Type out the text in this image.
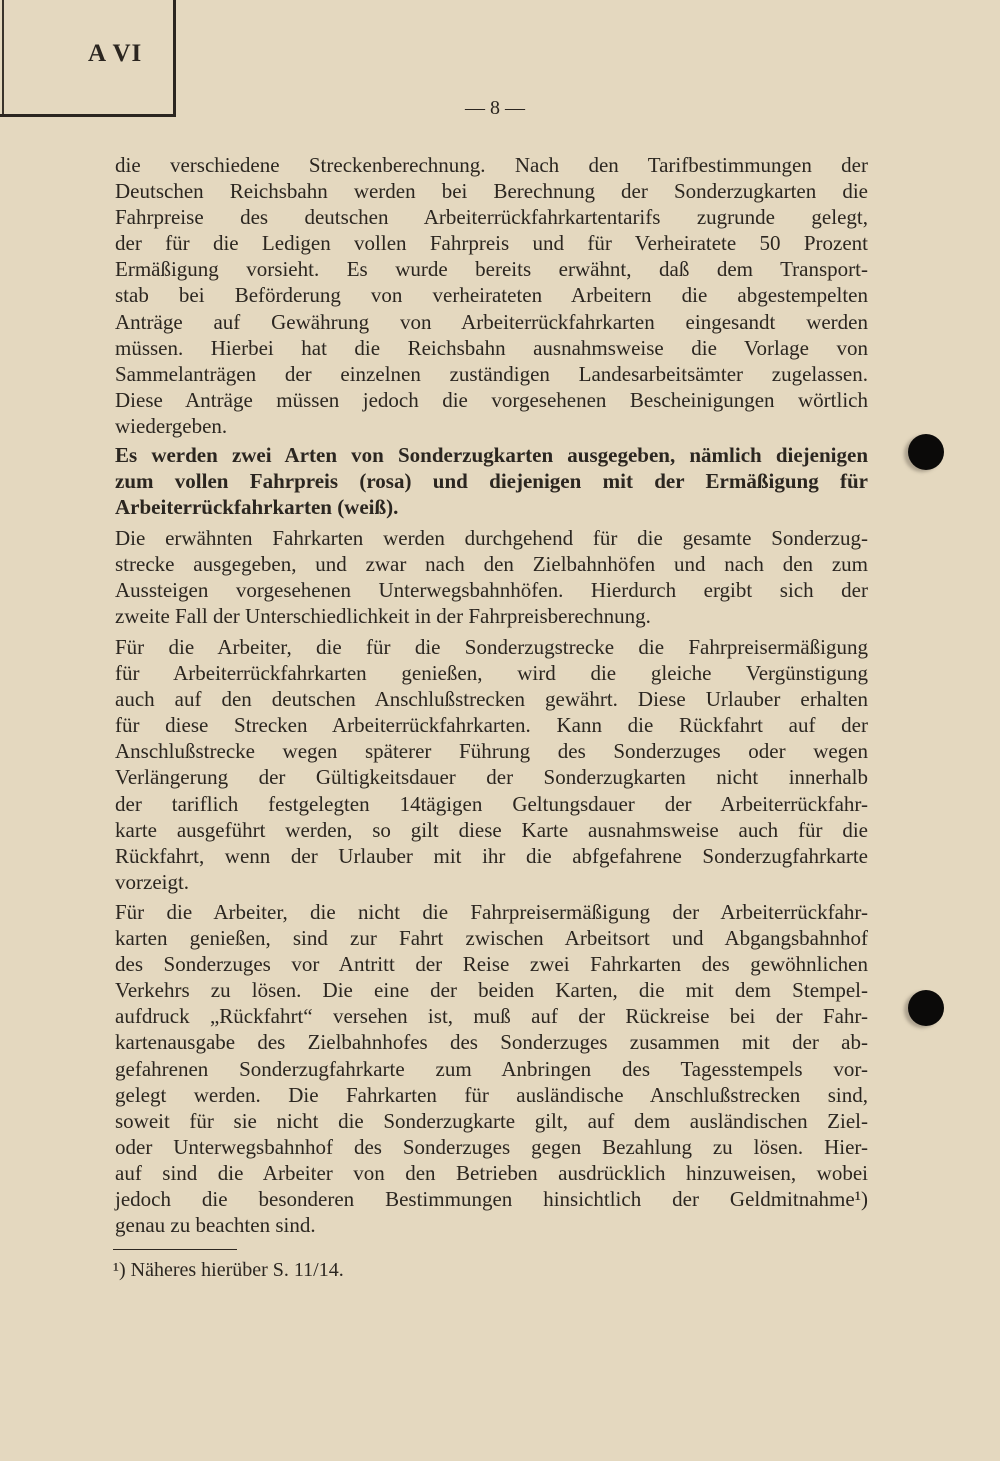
A VI
— 8 —
die verschiedene Streckenberechnung. Nach den Tarifbestimmungen der
Deutschen Reichsbahn werden bei Berechnung der Sonderzugkarten die
Fahrpreise des deutschen Arbeiterrückfahrkartentarifs zugrunde gelegt,
der für die Ledigen vollen Fahrpreis und für Verheiratete 50 Prozent
Ermäßigung vorsieht. Es wurde bereits erwähnt, daß dem Transport-
stab bei Beförderung von verheirateten Arbeitern die abgestempelten
Anträge auf Gewährung von Arbeiterrückfahrkarten eingesandt werden
müssen. Hierbei hat die Reichsbahn ausnahmsweise die Vorlage von
Sammelanträgen der einzelnen zuständigen Landesarbeitsämter zugelassen.
Diese Anträge müssen jedoch die vorgesehenen Bescheinigungen wörtlich
wiedergeben.
Es werden zwei Arten von Sonderzugkarten ausgegeben, nämlich diejenigen
zum vollen Fahrpreis (rosa) und diejenigen mit der Ermäßigung für
Arbeiterrückfahrkarten (weiß).
Die erwähnten Fahrkarten werden durchgehend für die gesamte Sonderzug-
strecke ausgegeben, und zwar nach den Zielbahnhöfen und nach den zum
Aussteigen vorgesehenen Unterwegsbahnhöfen. Hierdurch ergibt sich der
zweite Fall der Unterschiedlichkeit in der Fahrpreisberechnung.
Für die Arbeiter, die für die Sonderzugstrecke die Fahrpreisermäßigung
für Arbeiterrückfahrkarten genießen, wird die gleiche Vergünstigung
auch auf den deutschen Anschlußstrecken gewährt. Diese Urlauber erhalten
für diese Strecken Arbeiterrückfahrkarten. Kann die Rückfahrt auf der
Anschlußstrecke wegen späterer Führung des Sonderzuges oder wegen
Verlängerung der Gültigkeitsdauer der Sonderzugkarten nicht innerhalb
der tariflich festgelegten 14tägigen Geltungsdauer der Arbeiterrückfahr-
karte ausgeführt werden, so gilt diese Karte ausnahmsweise auch für die
Rückfahrt, wenn der Urlauber mit ihr die abfgefahrene Sonderzugfahrkarte
vorzeigt.
Für die Arbeiter, die nicht die Fahrpreisermäßigung der Arbeiterrückfahr-
karten genießen, sind zur Fahrt zwischen Arbeitsort und Abgangsbahnhof
des Sonderzuges vor Antritt der Reise zwei Fahrkarten des gewöhnlichen
Verkehrs zu lösen. Die eine der beiden Karten, die mit dem Stempel-
aufdruck „Rückfahrt“ versehen ist, muß auf der Rückreise bei der Fahr-
kartenausgabe des Zielbahnhofes des Sonderzuges zusammen mit der ab-
gefahrenen Sonderzugfahrkarte zum Anbringen des Tagesstempels vor-
gelegt werden. Die Fahrkarten für ausländische Anschlußstrecken sind,
soweit für sie nicht die Sonderzugkarte gilt, auf dem ausländischen Ziel-
oder Unterwegsbahnhof des Sonderzuges gegen Bezahlung zu lösen. Hier-
auf sind die Arbeiter von den Betrieben ausdrücklich hinzuweisen, wobei
jedoch die besonderen Bestimmungen hinsichtlich der Geldmitnahme¹)
genau zu beachten sind.
¹) Näheres hierüber S. 11/14.
